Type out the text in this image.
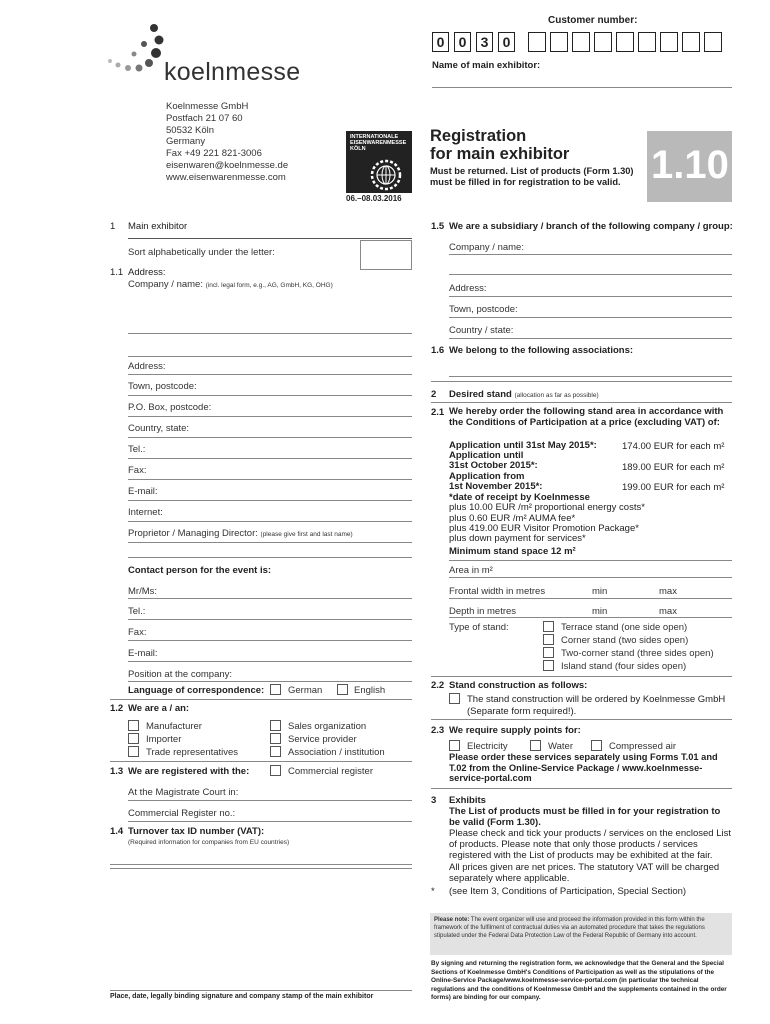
Customer number:
0	0	3	0
Name of main exhibitor:
koelnmesse
Koelnmesse GmbH
Postfach 21 07 60
50532 Köln
Germany
Fax +49 221 821-3006
eisenwaren@koelnmesse.de
www.eisenwarenmesse.com
INTERNATIONALE
EISENWARENMESSE
KÖLN
06.–08.03.2016
Registration
for main exhibitor
Must be returned. List of products (Form 1.30) must be filled in for registration to be valid. 1.10
1 Main exhibitor
Sort alphabetically under the letter:
1.1 Address:
Company / name: (incl. legal form, e.g., AG, GmbH, KG, OHG)
Address:
Town, postcode:
P.O. Box, postcode:
Country, state:
Tel.:
Fax:
E-mail:
Internet:
Proprietor / Managing Director: (please give first and last name)
Contact person for the event is:
Mr/Ms:
Tel.:
Fax:
E-mail:
Position at the company:
Language of correspondence:	German	English
1.2 We are a / an:
Manufacturer
Importer
Trade representatives
Sales organization
Service provider
Association / institution
1.3 We are registered with the:	Commercial register
At the Magistrate Court in:
Commercial Register no.:
1.4 Turnover tax ID number (VAT):
(Required information for companies from EU countries)
Place, date, legally binding signature and company stamp of the main exhibitor
1.5 We are a subsidiary / branch of the following company / group:
Company / name:
Address:
Town, postcode:
Country / state:
1.6 We belong to the following associations:
2 Desired stand (allocation as far as possible)
2.1 We hereby order the following stand area in accordance with the Conditions of Participation at a price (excluding VAT) of:
Application until 31st May 2015*:	174.00 EUR for each m²
Application until
31st October 2015*:	189.00 EUR for each m²
Application from
1st November 2015*:	199.00 EUR for each m²
*date of receipt by Koelnmesse
plus 10.00 EUR /m² proportional energy costs*
plus 0.60 EUR /m² AUMA fee*
plus 419.00 EUR Visitor Promotion Package*
plus down payment for services*
Minimum stand space 12 m²
Area in m²
Frontal width in metres	min	max
Depth in metres	min	max
Type of stand:	Terrace stand (one side open)
Corner stand (two sides open)
Two-corner stand (three sides open)
Island stand (four sides open)
2.2 Stand construction as follows:
The stand construction will be ordered by Koelnmesse GmbH (Separate form required!).
2.3 We require supply points for:
Electricity	Water	Compressed air
Please order these services separately using Forms T.01 and T.02 from the Online-Service Package / www.koelnmesse-service-portal.com
3 Exhibits
The List of products must be filled in for your registration to be valid (Form 1.30).
Please check and tick your products / services on the enclosed List of products. Please note that only those products / services registered with the List of products may be exhibited at the fair.
All prices given are net prices. The statutory VAT will be charged separately where applicable.
* (see Item 3, Conditions of Participation, Special Section)
Please note: The event organizer will use and proceed the information provided in this form within the framework of the fulfilment of contractual duties via an automated procedure that takes the regulations stipulated under the Federal Data Protection Law of the Federal Republic of Germany into account.
By signing and returning the registration form, we acknowledge that the General and the Special Sections of Koelnmesse GmbH's Conditions of Participation as well as the stipulations of the Online-Service Package/www.koelnmesse-service-portal.com (in particular the technical regulations and the conditions of Koelnmesse GmbH and the supplements contained in the order forms) are binding for our company.
